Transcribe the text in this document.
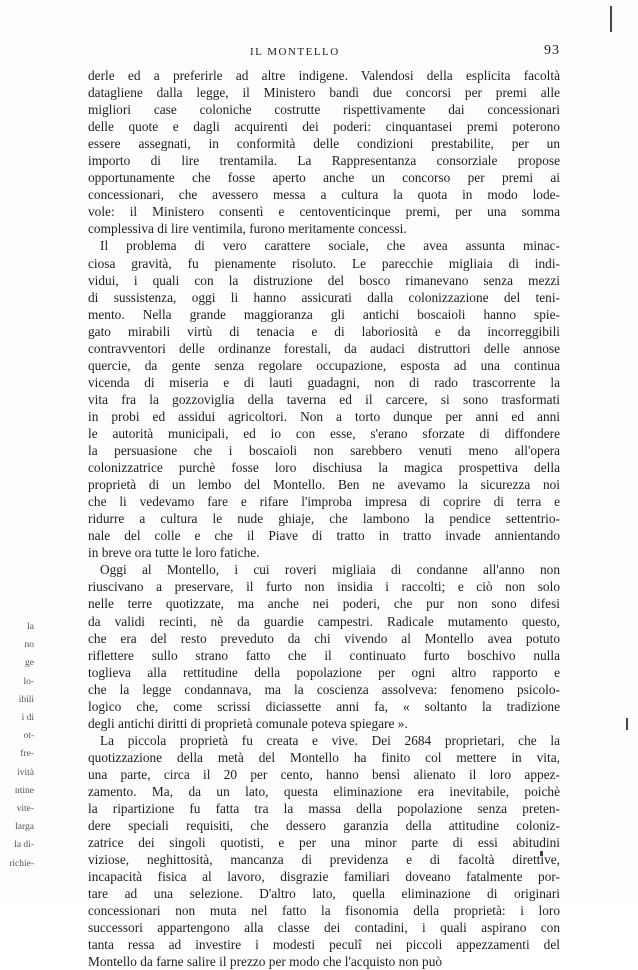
IL MONTELLO	93

derle ed a preferirle ad altre indigene. Valendosi della esplicita facoltà

datagliene dalla legge, il Ministero bandì due concorsi per premi alle

migliori case coloniche costrutte rispettivamente dai concessionari

delle quote e dagli acquirenti dei poderi: cinquantasei premi poterono

essere assegnati, in conformità delle condizioni prestabilite, per un

importo di lire trentamila. La Rappresentanza consorziale propose

opportunamente che fosse aperto anche un concorso per premi ai

concessionari, che avessero messa a cultura la quota in modo lode-

vole: il Ministero consentì e centoventicinque premi, per una somma

complessiva di lire ventimila, furono meritamente concessi.

Il problema di vero carattere sociale, che avea assunta minac-

ciosa gravità, fu pienamente risoluto. Le parecchie migliaia di indi-

vidui, i quali con la distruzione del bosco rimanevano senza mezzi

di sussistenza, oggi li hanno assicurati dalla colonizzazione del teni-

mento. Nella grande maggioranza gli antichi boscaioli hanno spie-

gato mirabili virtù di tenacia e di laboriosità e da incorreggibili

contravventori delle ordinanze forestali, da audaci distruttori delle annose

quercie, da gente senza regolare occupazione, esposta ad una continua

vicenda di miseria e di lauti guadagni, non di rado trascorrente la

vita fra la gozzoviglia della taverna ed il carcere, si sono trasformati

in probi ed assidui agricoltori. Non a torto dunque per anni ed anni

le autorità municipali, ed io con esse, s'erano sforzate di diffondere

la persuasione che i boscaioli non sarebbero venuti meno all'opera

colonizzatrice purchè fosse loro dischiusa la magica prospettiva della

proprietà di un lembo del Montello. Ben ne avevamo la sicurezza noi

che li vedevamo fare e rifare l'improba impresa di coprire di terra e

ridurre a cultura le nude ghiaje, che lambono la pendice settentrio-

nale del colle e che il Piave di tratto in tratto invade annientando

in breve ora tutte le loro fatiche.

Oggi al Montello, i cui roveri migliaia di condanne all'anno non

riuscivano a preservare, il furto non insidia i raccolti; e ciò non solo

nelle terre quotizzate, ma anche nei poderi, che pur non sono difesi

da validi recinti, nè da guardie campestri. Radicale mutamento questo,

che era del resto preveduto da chi vivendo al Montello avea potuto

riflettere sullo strano fatto che il continuato furto boschivo nulla

toglieva alla rettitudine della popolazione per ogni altro rapporto e

che la legge condannava, ma la coscienza assolveva: fenomeno psicolo-

logico che, come scrissi diciassette anni fa, « soltanto la tradizione

degli antichi diritti di proprietà comunale poteva spiegare ».

La piccola proprietà fu creata e vive. Dei 2684 proprietari, che la

quotizzazione della metà del Montello ha finito col mettere in vita,

una parte, circa il 20 per cento, hanno bensì alienato il loro appez-

zamento. Ma, da un lato, questa eliminazione era inevitabile, poichè

la ripartizione fu fatta tra la massa della popolazione senza preten-

dere speciali requisiti, che dessero garanzia della attitudine coloniz-

zatrice dei singoli quotisti, e per una minor parte di essi abitudini

viziose, neghittosità, mancanza di previdenza e di facoltà direttive,

incapacità fisica al lavoro, disgrazie familiari doveano fatalmente por-

tare ad una selezione. D'altro lato, quella eliminazione di originari

concessionari non muta nel fatto la fisonomia della proprietà: i loro

successori appartengono alla classe dei contadini, i quali aspirano con

tanta ressa ad investire i modesti peculî nei piccoli appezzamenti del

Montello da farne salire il prezzo per modo che l'acquisto non può

la
no
ge
lo-
ibili
i di
ot-
fre-
ività
ntine
vite-
larga
la di-
richie-
